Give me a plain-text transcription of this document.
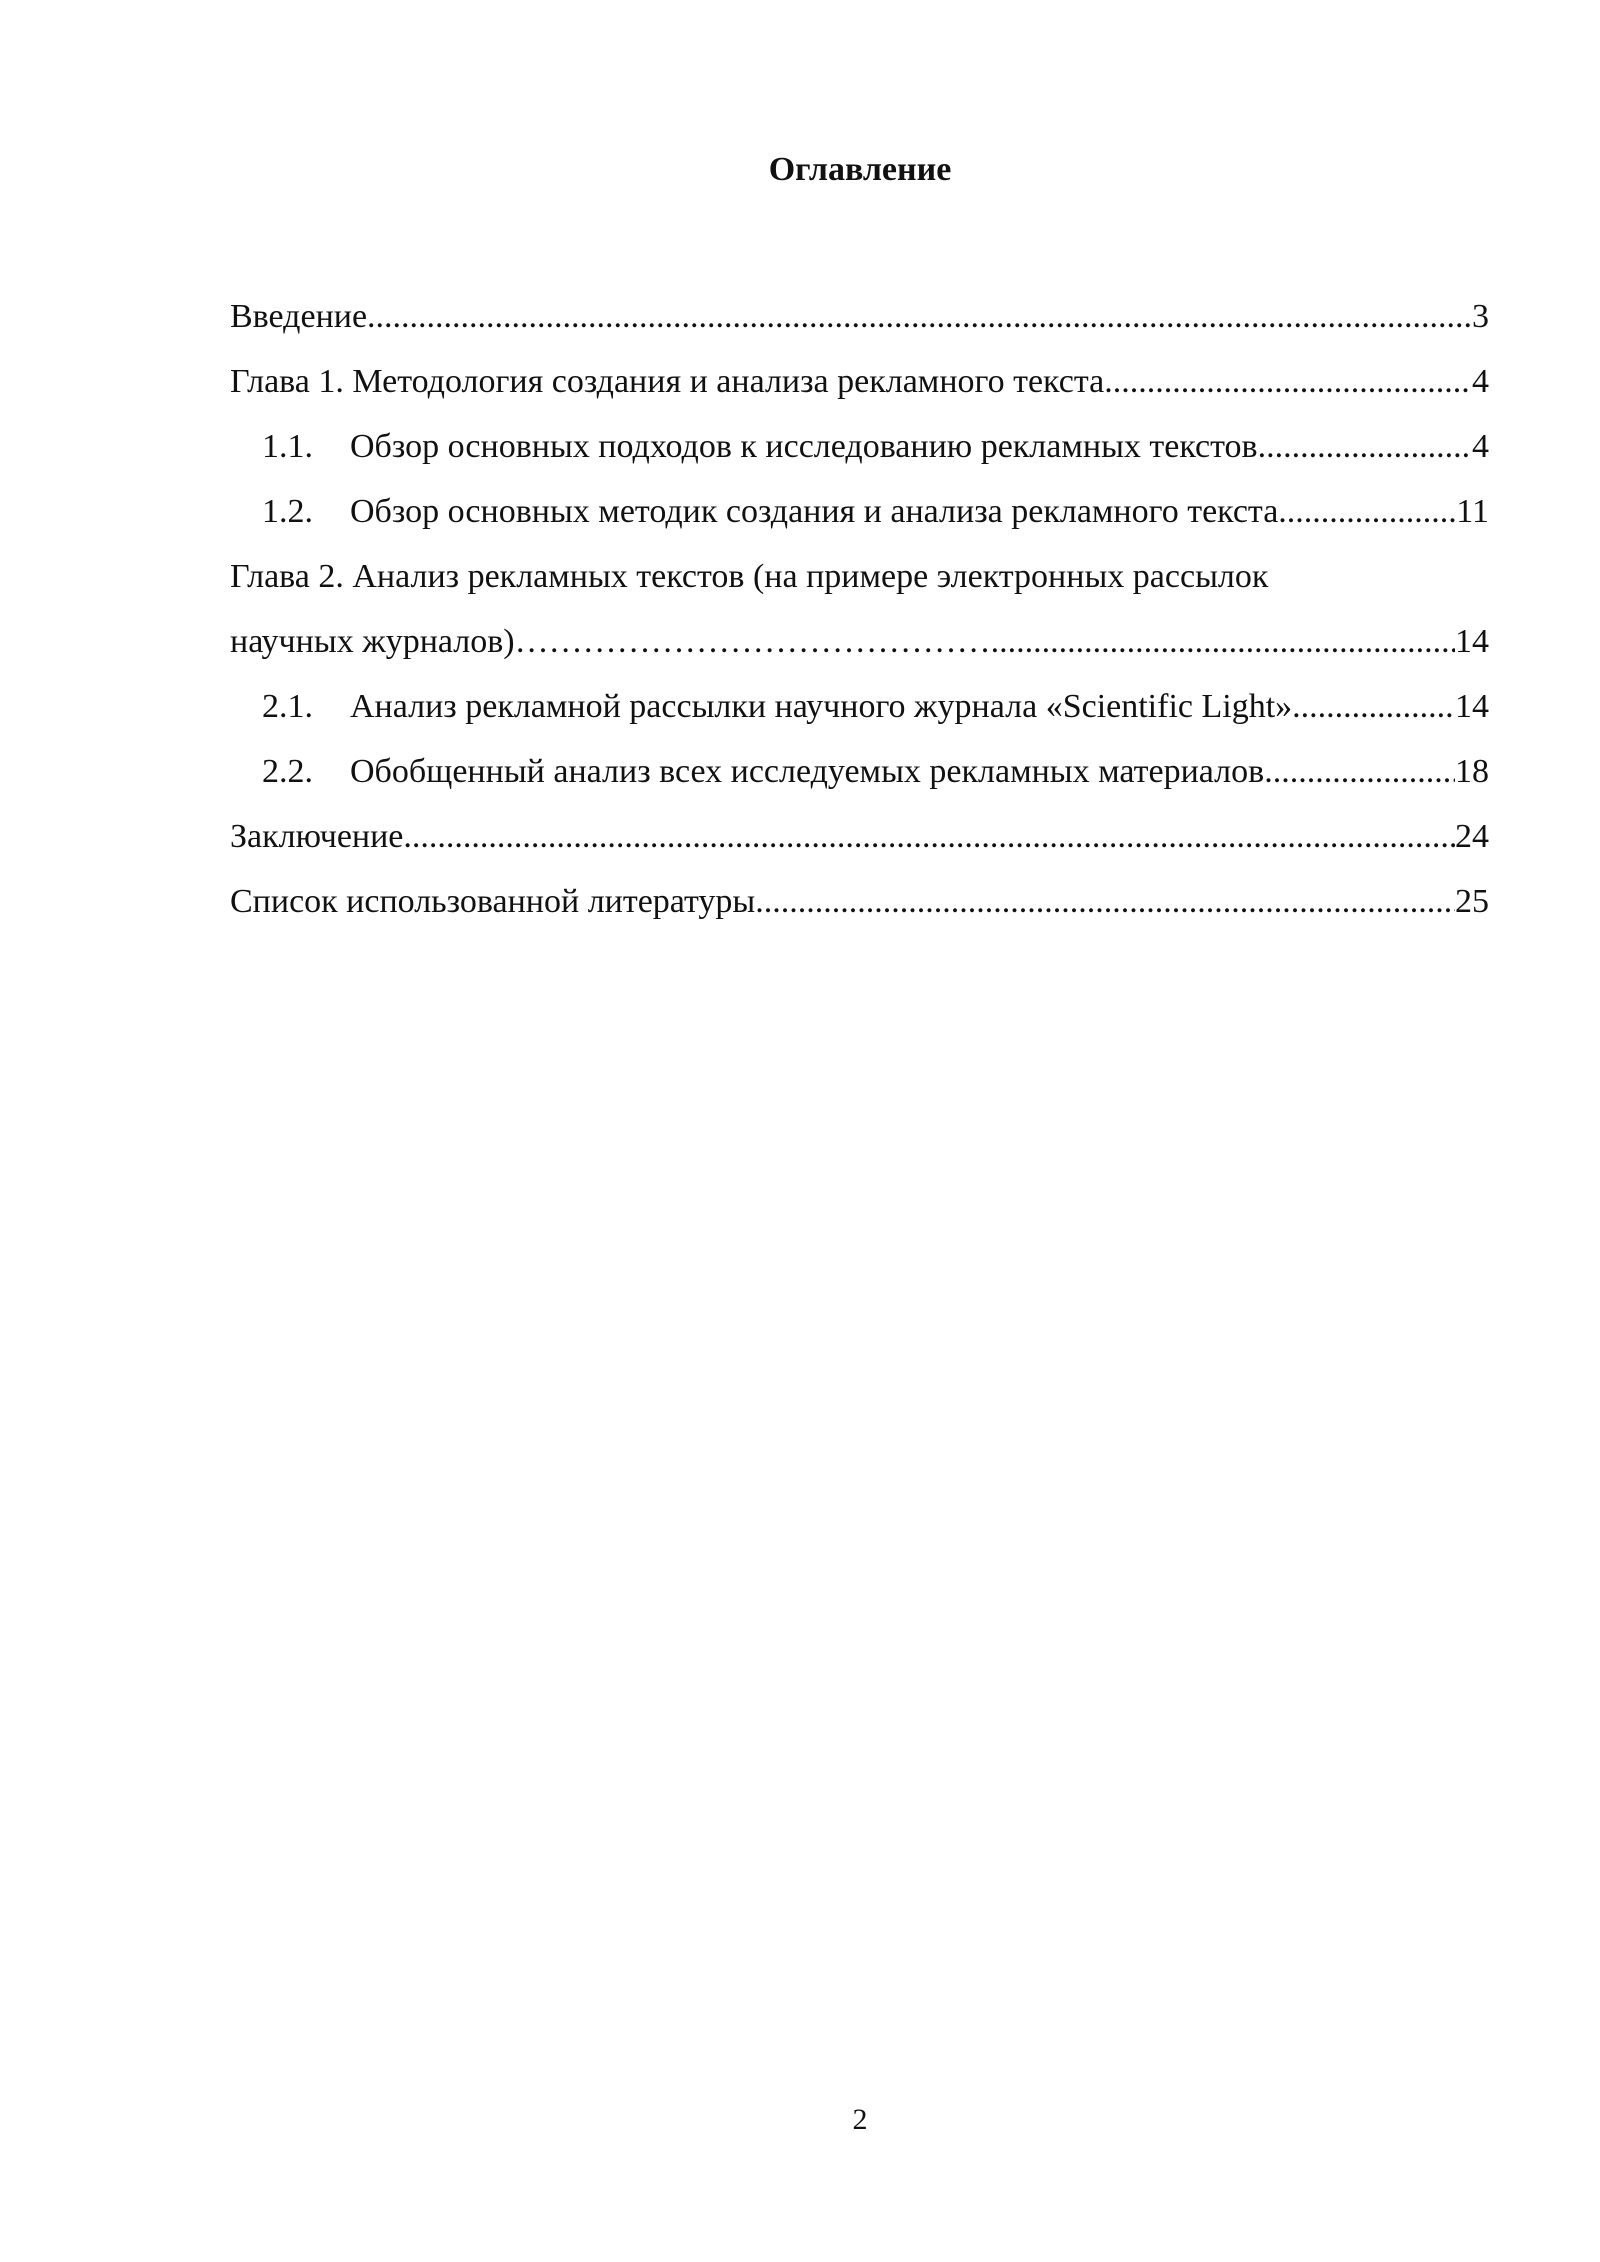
Оглавление
Введение .....	3
Глава 1. Методология создания и анализа рекламного текста .....	4
1.1.	Обзор основных подходов к исследованию рекламных текстов .....	4
1.2.	Обзор основных методик создания и анализа рекламного текста .....	11
Глава 2. Анализ рекламных текстов (на примере электронных рассылок
научных журналов)…………………………………… .....	14
2.1.	Анализ рекламной рассылки научного журнала «Scientific Light». .....	14
2.2.	Обобщенный анализ всех исследуемых рекламных материалов .....	18
Заключение .....	24
Список использованной литературы .....	25
2
